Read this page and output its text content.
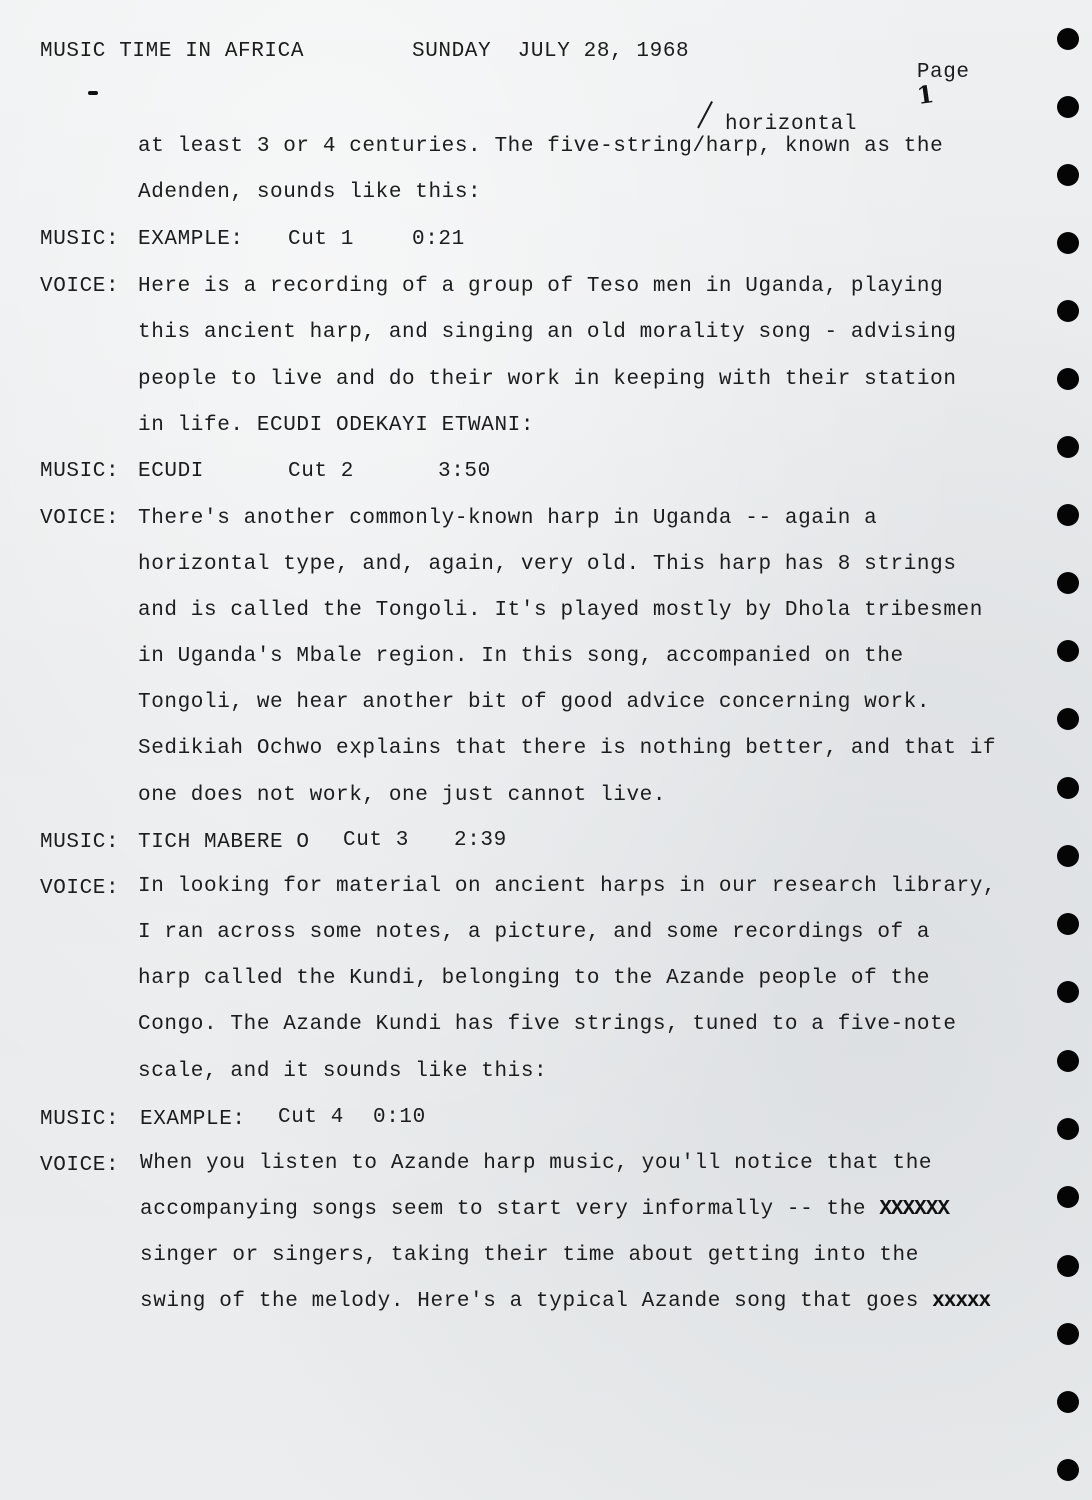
MUSIC TIME IN AFRICA	SUNDAY  JULY 28, 1968

Page
1

horizontal
at least 3 or 4 centuries. The five-string/harp, known as the
Adenden, sounds like this:
MUSIC: EXAMPLE: Cut 1	0:21
VOICE: Here is a recording of a group of Teso men in Uganda, playing
this ancient harp, and singing an old morality song - advising
people to live and do their work in keeping with their station
in life. ECUDI ODEKAYI ETWANI:
MUSIC: ECUDI	Cut 2	3:50
VOICE: There's another commonly-known harp in Uganda -- again a
horizontal type, and, again, very old. This harp has 8 strings
and is called the Tongoli. It's played mostly by Dhola tribesmen
in Uganda's Mbale region. In this song, accompanied on the
Tongoli, we hear another bit of good advice concerning work.
Sedikiah Ochwo explains that there is nothing better, and that if
one does not work, one just cannot live.
MUSIC: TICH MABERE O Cut 3 2:39
VOICE: In looking for material on ancient harps in our research library,
I ran across some notes, a picture, and some recordings of a
harp called the Kundi, belonging to the Azande people of the
Congo. The Azande Kundi has five strings, tuned to a five-note
scale, and it sounds like this:
MUSIC: EXAMPLE: Cut 4 0:10
VOICE: When you listen to Azande harp music, you'll notice that the
accompanying songs seem to start very informally -- the XXXXXX
singer or singers, taking their time about getting into the
swing of the melody. Here's a typical Azande song that goes xxxxx
